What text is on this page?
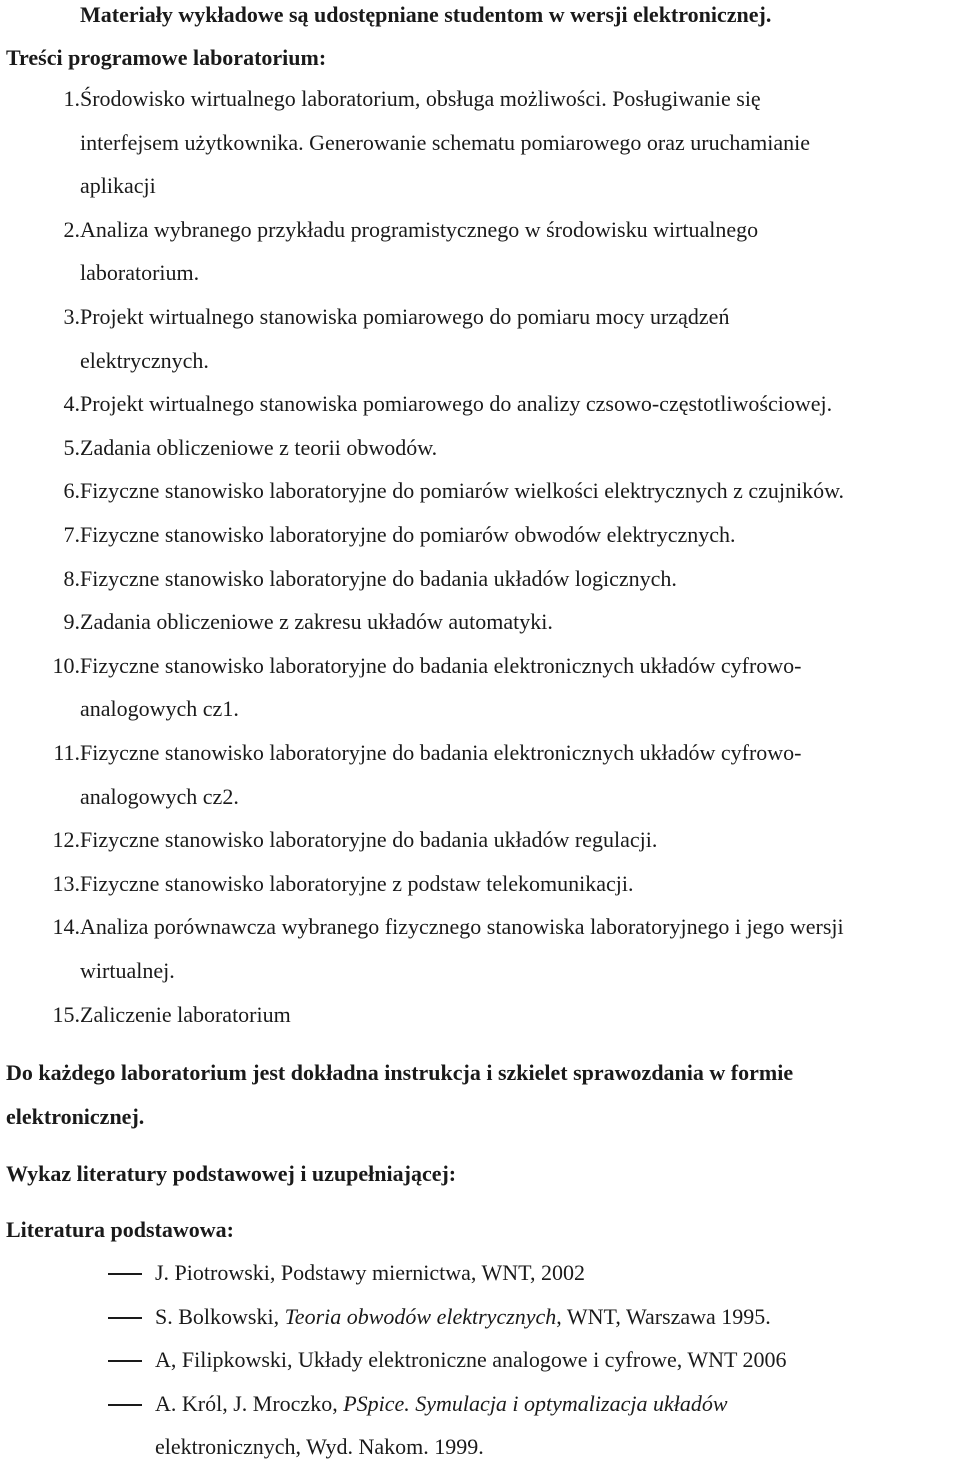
Materiały wykładowe są udostępniane studentom w wersji elektronicznej.
Treści programowe laboratorium:
1. Środowisko wirtualnego laboratorium, obsługa możliwości. Posługiwanie się
interfejsem użytkownika. Generowanie schematu pomiarowego oraz uruchamianie
aplikacji
2. Analiza wybranego przykładu programistycznego w środowisku wirtualnego
laboratorium.
3. Projekt wirtualnego stanowiska pomiarowego do pomiaru mocy urządzeń
elektrycznych.
4. Projekt wirtualnego stanowiska pomiarowego do analizy czsowo-częstotliwościowej.
5. Zadania obliczeniowe z teorii obwodów.
6. Fizyczne stanowisko laboratoryjne do pomiarów wielkości elektrycznych z czujników.
7. Fizyczne stanowisko laboratoryjne do pomiarów obwodów elektrycznych.
8. Fizyczne stanowisko laboratoryjne do badania układów logicznych.
9. Zadania obliczeniowe z zakresu układów automatyki.
10. Fizyczne stanowisko laboratoryjne do badania elektronicznych układów cyfrowo-
analogowych cz1.
11. Fizyczne stanowisko laboratoryjne do badania elektronicznych układów cyfrowo-
analogowych cz2.
12. Fizyczne stanowisko laboratoryjne do badania układów regulacji.
13. Fizyczne stanowisko laboratoryjne z podstaw telekomunikacji.
14. Analiza porównawcza wybranego fizycznego stanowiska laboratoryjnego i jego wersji
wirtualnej.
15. Zaliczenie laboratorium
Do każdego laboratorium jest dokładna instrukcja i szkielet sprawozdania w formie
elektronicznej.
Wykaz literatury podstawowej i uzupełniającej:
Literatura podstawowa:
J. Piotrowski, Podstawy miernictwa, WNT, 2002
S. Bolkowski, Teoria obwodów elektrycznych, WNT, Warszawa 1995.
A, Filipkowski, Układy elektroniczne analogowe i cyfrowe, WNT 2006
A. Król, J. Mroczko, PSpice. Symulacja i optymalizacja układów
elektronicznych, Wyd. Nakom. 1999.
